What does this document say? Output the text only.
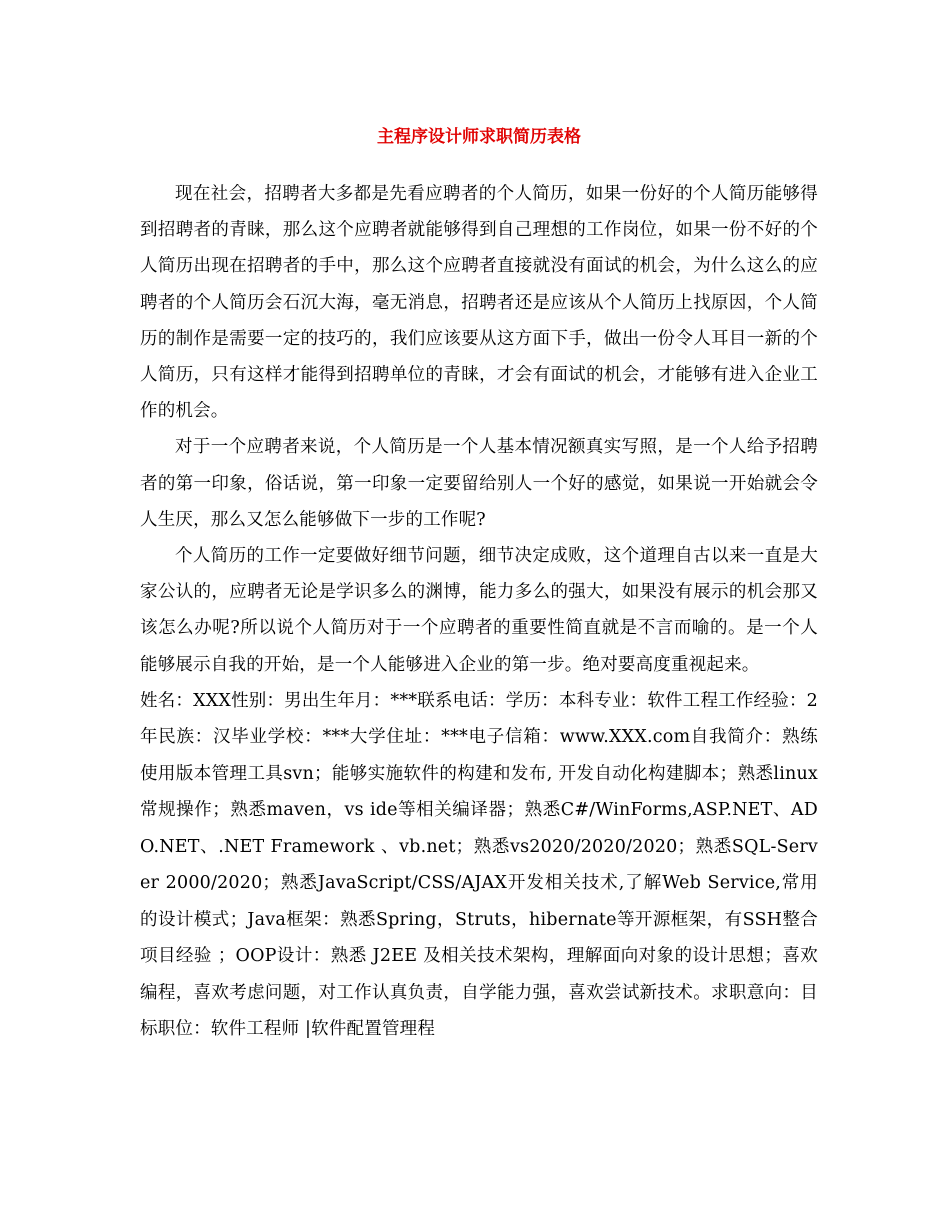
主程序设计师求职简历表格

现在社会，招聘者大多都是先看应聘者的个人简历，如果一份好的个人简历能够得到招聘者的青睐，那么这个应聘者就能够得到自己理想的工作岗位，如果一份不好的个人简历出现在招聘者的手中，那么这个应聘者直接就没有面试的机会，为什么这么的应聘者的个人简历会石沉大海，毫无消息，招聘者还是应该从个人简历上找原因，个人简历的制作是需要一定的技巧的，我们应该要从这方面下手，做出一份令人耳目一新的个人简历，只有这样才能得到招聘单位的青睐，才会有面试的机会，才能够有进入企业工作的机会。

对于一个应聘者来说，个人简历是一个人基本情况额真实写照，是一个人给予招聘者的第一印象，俗话说，第一印象一定要留给别人一个好的感觉，如果说一开始就会令人生厌，那么又怎么能够做下一步的工作呢?

个人简历的工作一定要做好细节问题，细节决定成败，这个道理自古以来一直是大家公认的，应聘者无论是学识多么的渊博，能力多么的强大，如果没有展示的机会那又该怎么办呢?所以说个人简历对于一个应聘者的重要性简直就是不言而喻的。是一个人能够展示自我的开始，是一个人能够进入企业的第一步。绝对要高度重视起来。

姓名：XXX性别：男出生年月：***联系电话：学历：本科专业：软件工程工作经验：2年民族：汉毕业学校：***大学住址：***电子信箱：www.XXX.com自我简介：熟练使用版本管理工具svn；能够实施软件的构建和发布, 开发自动化构建脚本；熟悉linux常规操作；熟悉maven，vs ide等相关编译器；熟悉C#/WinForms,ASP.NET、ADO.NET、.NET Framework 、vb.net；熟悉vs2020/2020/2020；熟悉SQL-Server 2000/2020；熟悉JavaScript/CSS/AJAX开发相关技术,了解Web Service,常用的设计模式；Java框架：熟悉Spring，Struts，hibernate等开源框架，有SSH整合项目经验 ；OOP设计：熟悉 J2EE 及相关技术架构，理解面向对象的设计思想；喜欢编程，喜欢考虑问题，对工作认真负责，自学能力强，喜欢尝试新技术。求职意向：目标职位：软件工程师 |软件配置管理程
